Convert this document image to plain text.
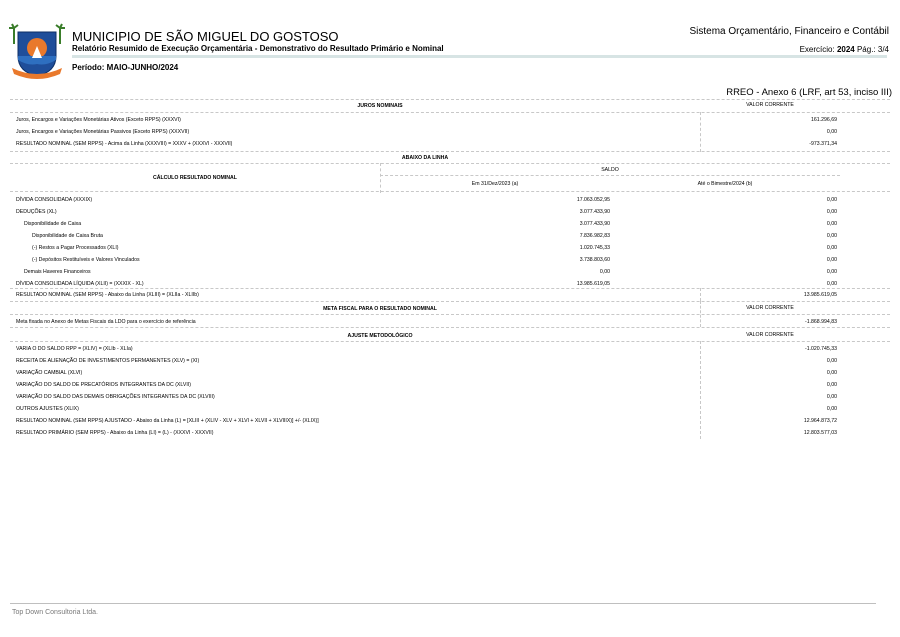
MUNICIPIO DE SÃO MIGUEL DO GOSTOSO
Relatório Resumido de Execução Orçamentária - Demonstrativo do Resultado Primário e Nominal
Período: MAIO-JUNHO/2024
Sistema Orçamentário, Financeiro e Contábil
Exercício: 2024 Pág.: 3/4
RREO - Anexo 6 (LRF, art 53, inciso III)
JUROS NOMINAIS	VALOR CORRENTE
Juros, Encargos e Variações Monetárias Ativos (Exceto RPPS) (XXXVI)	161.296,69
Juros, Encargos e Variações Monetárias Passivos (Exceto RPPS) (XXXVII)	0,00
RESULTADO NOMINAL (SEM RPPS) - Acima da Linha (XXXVIII) = XXXV + (XXXVI - XXXVII)	-973.371,34
ABAIXO DA LINHA
CÁLCULO RESULTADO NOMINAL
SALDO
Em 31/Dez/2023 (a)	Até o Bimestre/2024 (b)
DÍVIDA CONSOLIDADA (XXXIX)	17.063.052,95	0,00
DEDUÇÕES (XL)	3.077.433,90	0,00
Disponibilidade de Caixa	3.077.433,90	0,00
Disponibilidade de Caixa Bruta	7.836.982,83	0,00
(-) Restos a Pagar Processados (XLI)	1.020.745,33	0,00
(-) Depósitos Restituíveis e Valores Vinculados	3.738.803,60	0,00
Demais Haveres Financeiros	0,00	0,00
DÍVIDA CONSOLIDADA LÍQUIDA (XLII) = (XXXIX - XL)	13.985.619,05	0,00
RESULTADO NOMINAL (SEM RPPS) - Abaixo da Linha (XLIII) = (XLIIa - XLIIb)	13.985.619,05
META FISCAL PARA O RESULTADO NOMINAL	VALOR CORRENTE
Meta fixada no Anexo de Metas Fiscais da LDO para o exercício de referência	-1.868.994,83
AJUSTE METODOLÓGICO	VALOR CORRENTE
VARIA O DO SALDO RPP = (XLIV) = (XLIb - XLIa)	-1.020.745,33
RECEITA DE ALIENAÇÃO DE INVESTIMENTOS PERMANENTES (XLV) = (XI)	0,00
VARIAÇÃO CAMBIAL (XLVI)	0,00
VARIAÇÃO DO SALDO DE PRECATÓRIOS INTEGRANTES DA DC (XLVII)	0,00
VARIAÇÃO DO SALDO DAS DEMAIS OBRIGAÇÕES INTEGRANTES DA DC (XLVIII)	0,00
OUTROS AJUSTES (XLIX)	0,00
RESULTADO NOMINAL (SEM RPPS) AJUSTADO - Abaixo da Linha (L) = [XLIII + (XLIV - XLV + XLVI + XLVII + XLVIIIX)] +/- (XLIX)]	12.964.873,72
RESULTADO PRIMÁRIO (SEM RPPS) - Abaixo da Linha (LI) = (L) - (XXXVI - XXXVII)	12.803.577,03
Top Down Consultoria Ltda.
